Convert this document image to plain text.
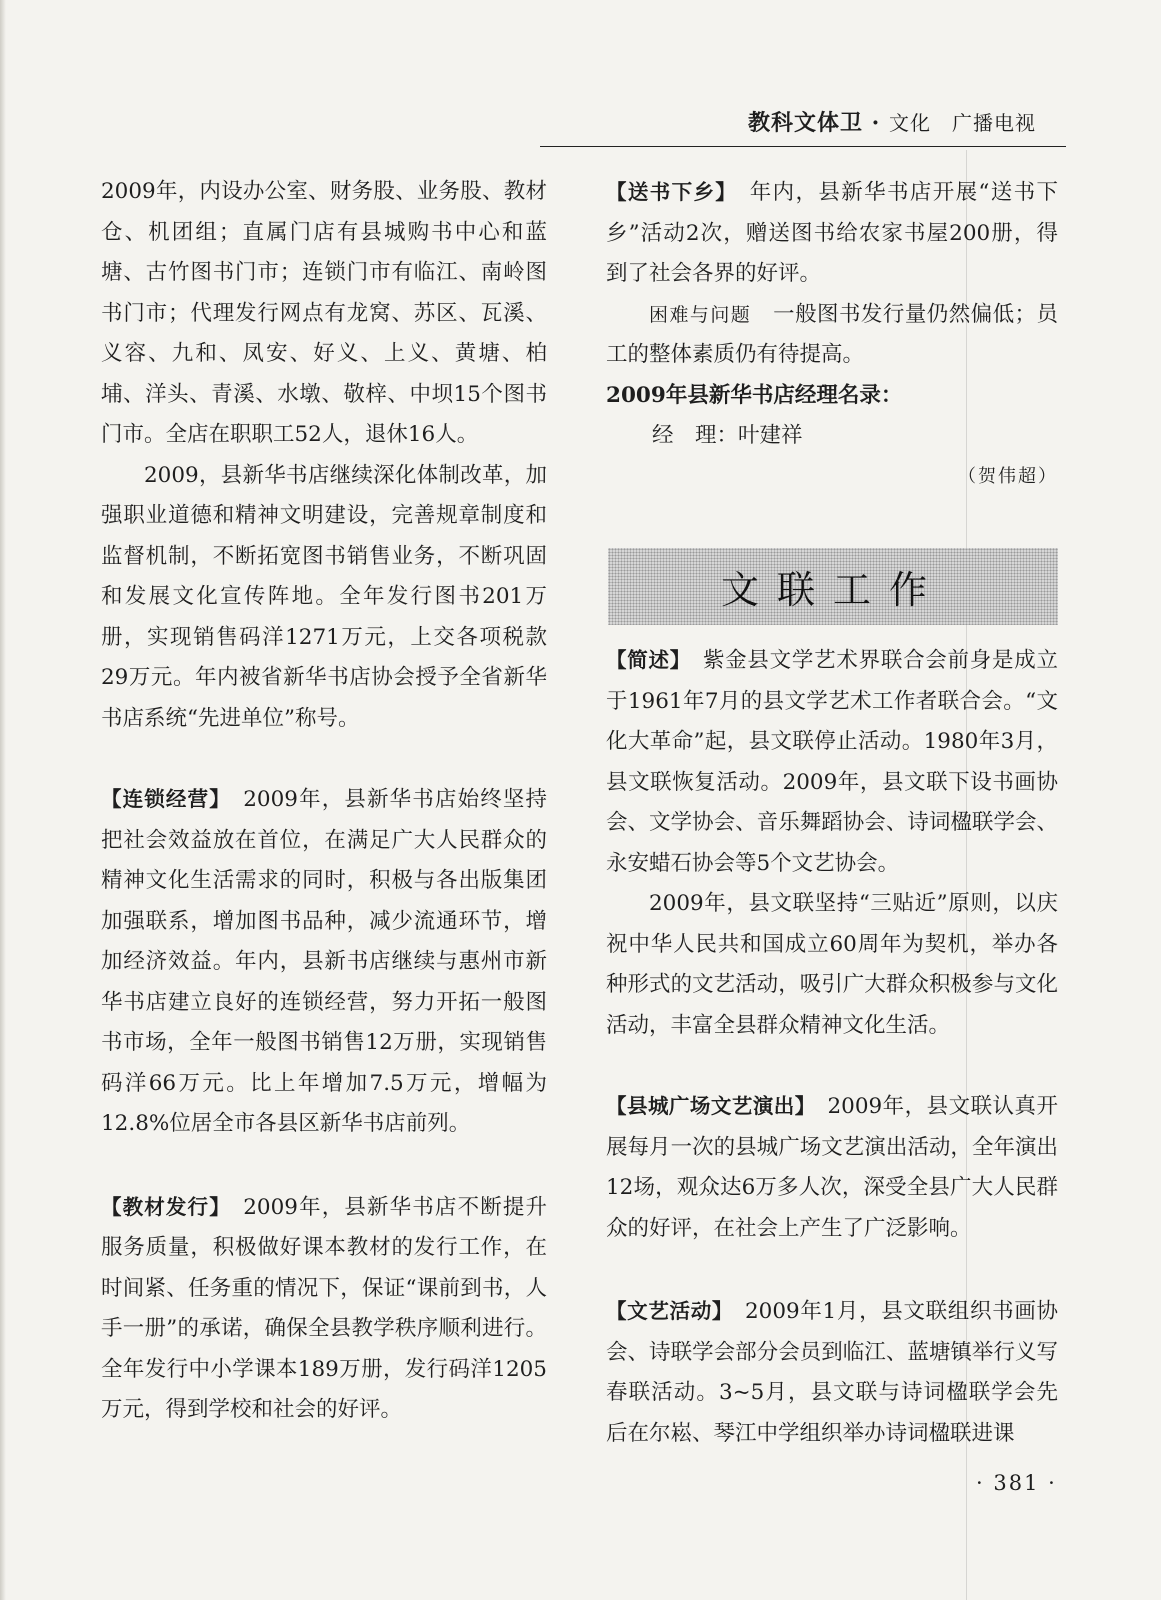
教科文体卫 · 文化　广播电视

2009年，内设办公室、财务股、业务股、教材仓、机团组；直属门店有县城购书中心和蓝塘、古竹图书门市；连锁门市有临江、南岭图书门市；代理发行网点有龙窝、苏区、瓦溪、义容、九和、凤安、好义、上义、黄塘、柏埔、洋头、青溪、水墩、敬梓、中坝15个图书门市。全店在职职工52人，退休16人。

2009，县新华书店继续深化体制改革，加强职业道德和精神文明建设，完善规章制度和监督机制，不断拓宽图书销售业务，不断巩固和发展文化宣传阵地。全年发行图书201万册，实现销售码洋1271万元，上交各项税款29万元。年内被省新华书店协会授予全省新华书店系统“先进单位”称号。

【连锁经营】　2009年，县新华书店始终坚持把社会效益放在首位，在满足广大人民群众的精神文化生活需求的同时，积极与各出版集团加强联系，增加图书品种，减少流通环节，增加经济效益。年内，县新书店继续与惠州市新华书店建立良好的连锁经营，努力开拓一般图书市场，全年一般图书销售12万册，实现销售码洋66万元。比上年增加7.5万元，增幅为12.8%位居全市各县区新华书店前列。

【教材发行】　2009年，县新华书店不断提升服务质量，积极做好课本教材的发行工作，在时间紧、任务重的情况下，保证“课前到书，人手一册”的承诺，确保全县教学秩序顺利进行。全年发行中小学课本189万册，发行码洋1205万元，得到学校和社会的好评。

【送书下乡】　年内，县新华书店开展“送书下乡”活动2次，赠送图书给农家书屋200册，得到了社会各界的好评。

困难与问题　一般图书发行量仍然偏低；员工的整体素质仍有待提高。

2009年县新华书店经理名录：

经　理：叶建祥

（贺伟超）

文联工作

【简述】　紫金县文学艺术界联合会前身是成立于1961年7月的县文学艺术工作者联合会。“文化大革命”起，县文联停止活动。1980年3月，县文联恢复活动。2009年，县文联下设书画协会、文学协会、音乐舞蹈协会、诗词楹联学会、永安蜡石协会等5个文艺协会。

2009年，县文联坚持“三贴近”原则，以庆祝中华人民共和国成立60周年为契机，举办各种形式的文艺活动，吸引广大群众积极参与文化活动，丰富全县群众精神文化生活。

【县城广场文艺演出】　2009年，县文联认真开展每月一次的县城广场文艺演出活动，全年演出12场，观众达6万多人次，深受全县广大人民群众的好评，在社会上产生了广泛影响。

【文艺活动】　2009年1月，县文联组织书画协会、诗联学会部分会员到临江、蓝塘镇举行义写春联活动。3~5月，县文联与诗词楹联学会先后在尔崧、琴江中学组织举办诗词楹联进课

· 381 ·
